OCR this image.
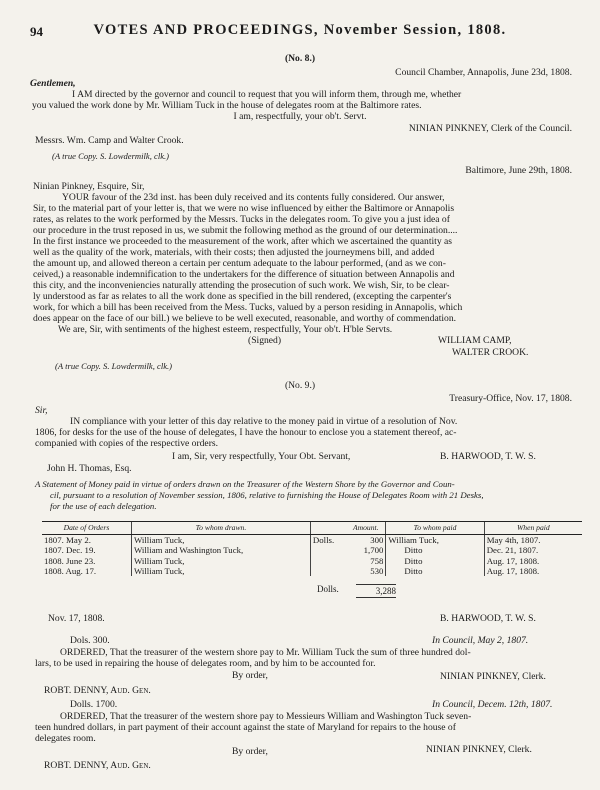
94	VOTES AND PROCEEDINGS, November Session, 1808.
(No. 8.)
Council Chamber, Annapolis, June 23d, 1808.
Gentlemen,
I AM directed by the governor and council to request that you will inform them, through me, whether
you valued the work done by Mr. William Tuck in the house of delegates room at the Baltimore rates.
I am, respectfully, your ob't. Servt.
NINIAN PINKNEY, Clerk of the Council.
Messrs. Wm. Camp and Walter Crook.
(A true Copy. S. Lowdermilk, clk.)
Baltimore, June 29th, 1808.
Ninian Pinkney, Esquire, Sir,
YOUR favour of the 23d inst. has been duly received and its contents fully considered. Our answer,
Sir, to the material part of your letter is, that we were no wise influenced by either the Baltimore or Annapolis
rates, as relates to the work performed by the Messrs. Tucks in the delegates room. To give you a just idea of
our procedure in the trust reposed in us, we submit the following method as the ground of our determination....
In the first instance we proceeded to the measurement of the work, after which we ascertained the quantity as
well as the quality of the work, materials, with their costs; then adjusted the journeymens bill, and added
the amount up, and allowed thereon a certain per centum adequate to the labour performed, (and as we con-
ceived,) a reasonable indemnification to the undertakers for the difference of situation between Annapolis and
this city, and the inconveniencies naturally attending the prosecution of such work. We wish, Sir, to be clear-
ly understood as far as relates to all the work done as specified in the bill rendered, (excepting the carpenter's
work, for which a bill has been received from the Mess. Tucks, valued by a person residing in Annapolis, which
does appear on the face of our bill.) we believe to be well executed, reasonable, and worthy of commendation.
We are, Sir, with sentiments of the highest esteem, respectfully, Your ob't. H'ble Servts.
(Signed)	WILLIAM CAMP,
WALTER CROOK.
(A true Copy. S. Lowdermilk, clk.)
(No. 9.)
Treasury-Office, Nov. 17, 1808.
Sir,
IN compliance with your letter of this day relative to the money paid in virtue of a resolution of Nov.
1806, for desks for the use of the house of delegates, I have the honour to enclose you a statement thereof, ac-
companied with copies of the respective orders.
I am, Sir, very respectfully, Your Obt. Servant,	B. HARWOOD, T. W. S.
John H. Thomas, Esq.
A Statement of Money paid in virtue of orders drawn on the Treasurer of the Western Shore by the Governor and Coun-
cil, pursuant to a resolution of November session, 1806, relative to furnishing the House of Delegates Room with 21 Desks,
for the use of each delegation.
Date of Orders	To whom drawn.		Amount.	To whom paid	When paid
1807. May 2.	William Tuck,	Dolls.	300	William Tuck,	May 4th, 1807.
1807. Dec. 19.	William and Washington Tuck,		1,700	Ditto	Dec. 21, 1807.
1808. June 23.	William Tuck,		758	Ditto	Aug. 17, 1808.
1808. Aug. 17.	William Tuck,		530	Ditto	Aug. 17, 1808.
Dolls.	3,288
Nov. 17, 1808.	B. HARWOOD, T. W. S.
Dols. 300.	In Council, May 2, 1807.
ORDERED, That the treasurer of the western shore pay to Mr. William Tuck the sum of three hundred dol-
lars, to be used in repairing the house of delegates room, and by him to be accounted for.
By order,	NINIAN PINKNEY, Clerk.
ROBT. DENNY, Aud. Gen.
Dolls. 1700.	In Council, Decem. 12th, 1807.
ORDERED, That the treasurer of the western shore pay to Messieurs William and Washington Tuck seven-
teen hundred dollars, in part payment of their account against the state of Maryland for repairs to the house of
delegates room.
By order,	NINIAN PINKNEY, Clerk.
ROBT. DENNY, Aud. Gen.
